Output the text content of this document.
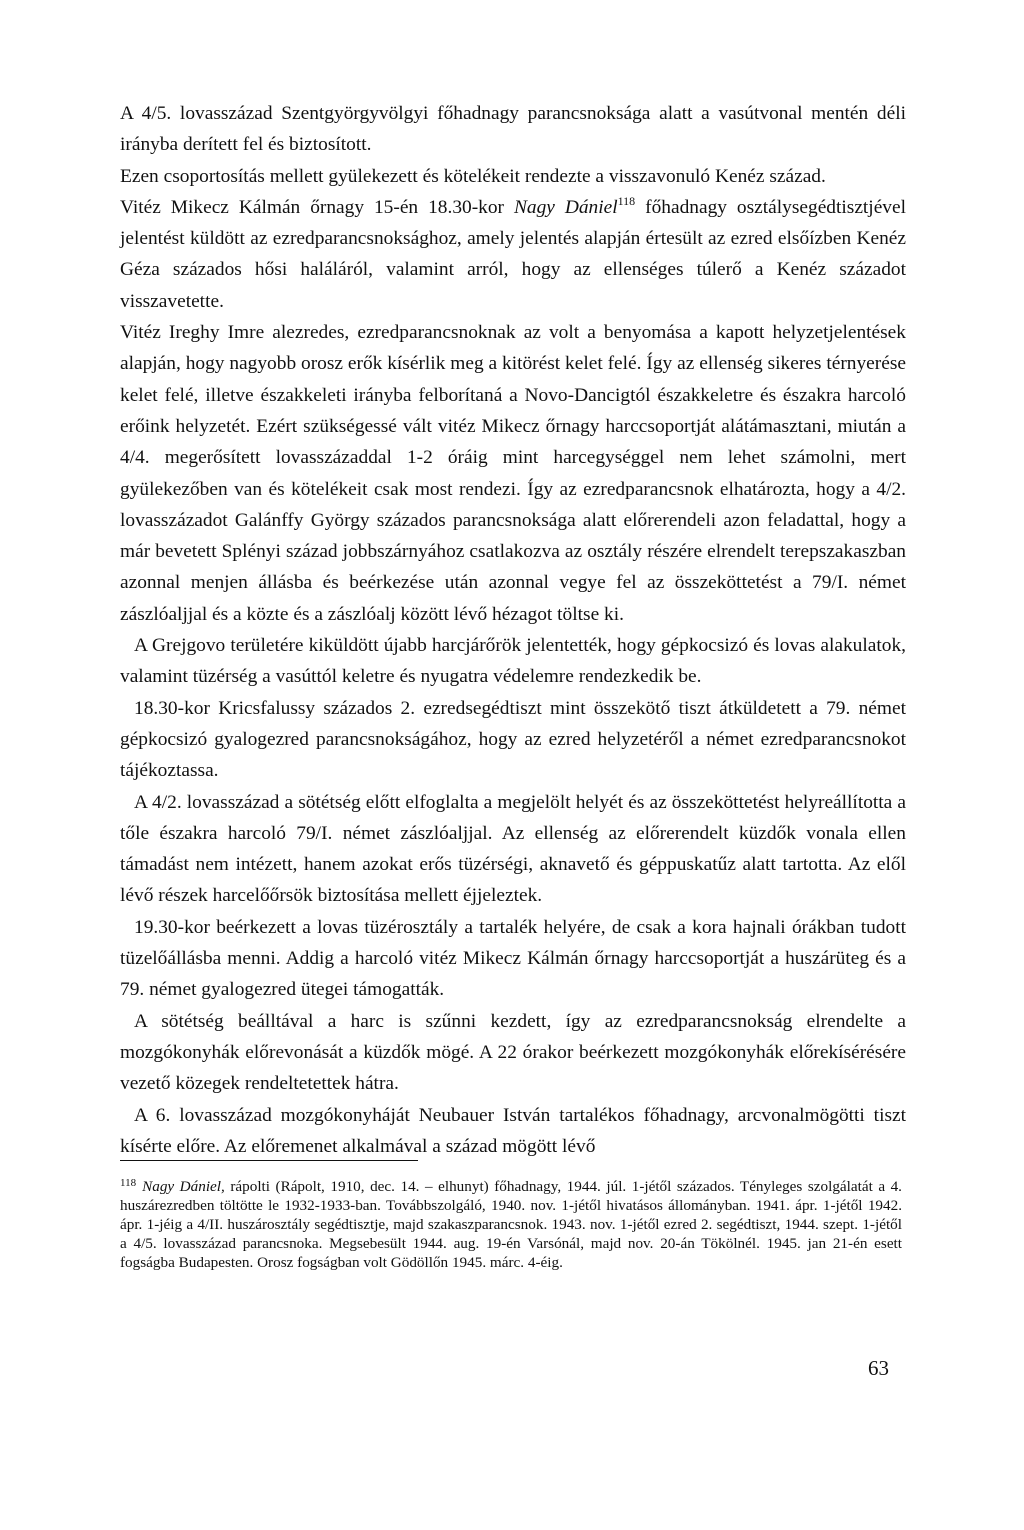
A 4/5. lovasszázad Szentgyörgyvölgyi főhadnagy parancsnoksága alatt a vasútvonal mentén déli irányba derített fel és biztosított.

Ezen csoportosítás mellett gyülekezett és kötelékeit rendezte a visszavonuló Kenéz század.

Vitéz Mikecz Kálmán őrnagy 15-én 18.30-kor Nagy Dániel$^{118}$ főhadnagy osztálysegédtisztjével jelentést küldött az ezredparancsnoksághoz, amely jelentés alapján értesült az ezred elsőízben Kenéz Géza százados hősi haláláról, valamint arról, hogy az ellenséges túlerő a Kenéz századot visszavetette.

Vitéz Ireghy Imre alezredes, ezredparancsnoknak az volt a benyomása a kapott helyzetjelentések alapján, hogy nagyobb orosz erők kísérlik meg a kitörést kelet felé. Így az ellenség sikeres térnyerése kelet felé, illetve északkeleti irányba felborítaná a Novo-Dancigtól északkeletre és északra harcoló erőink helyzetét. Ezért szükségessé vált vitéz Mikecz őrnagy harccsoportját alátámasztani, miután a 4/4. megerősített lovasszázaddal 1-2 óráig mint harcegységgel nem lehet számolni, mert gyülekezőben van és kötelékeit csak most rendezi. Így az ezredparancsnok elhatározta, hogy a 4/2. lovasszázadot Galánffy György százados parancsnoksága alatt előrerendeli azon feladattal, hogy a már bevetett Splényi század jobbszárnyához csatlakozva az osztály részére elrendelt terepszakaszban azonnal menjen állásba és beérkezése után azonnal vegye fel az összeköttetést a 79/I. német zászlóaljjal és a közte és a zászlóalj között lévő hézagot töltse ki.

A Grejgovo területére kiküldött újabb harcjárőrök jelentették, hogy gépkocsizó és lovas alakulatok, valamint tüzérség a vasúttól keletre és nyugatra védelemre rendezkedik be.

18.30-kor Kricsfalussy százados 2. ezredsegédtiszt mint összekötő tiszt átküldetett a 79. német gépkocsizó gyalogezred parancsnokságához, hogy az ezred helyzetéről a német ezredparancsnokot tájékoztassa.

A 4/2. lovasszázad a sötétség előtt elfoglalta a megjelölt helyét és az összeköttetést helyreállította a tőle északra harcoló 79/I. német zászlóaljjal. Az ellenség az előrerendelt küzdők vonala ellen támadást nem intézett, hanem azokat erős tüzérségi, aknavető és géppuskatűz alatt tartotta. Az elől lévő részek harcelőőrsök biztosítása mellett éjjeleztek.

19.30-kor beérkezett a lovas tüzérosztály a tartalék helyére, de csak a kora hajnali órákban tudott tüzelőállásba menni. Addig a harcoló vitéz Mikecz Kálmán őrnagy harccsoportját a huszárüteg és a 79. német gyalogezred ütegei támogatták.

A sötétség beálltával a harc is szűnni kezdett, így az ezredparancsnokság elrendelte a mozgókonyhák előrevonását a küzdők mögé. A 22 órakor beérkezett mozgókonyhák előrekísérésére vezető közegek rendeltetettek hátra.

A 6. lovasszázad mozgókonyháját Neubauer István tartalékos főhadnagy, arcvonalmögötti tiszt kísérte előre. Az előremenet alkalmával a század mögött lévő

$^{118}$ Nagy Dániel, rápolti (Rápolt, 1910, dec. 14. – elhunyt) főhadnagy, 1944. júl. 1-jétől százados. Tényleges szolgálatát a 4. huszárezredben töltötte le 1932-1933-ban. Továbbszolgáló, 1940. nov. 1-jétől hivatásos állományban. 1941. ápr. 1-jétől 1942. ápr. 1-jéig a 4/II. huszárosztály segédtisztje, majd szakaszparancsnok. 1943. nov. 1-jétől ezred 2. segédtiszt, 1944. szept. 1-jétől a 4/5. lovasszázad parancsnoka. Megsebesült 1944. aug. 19-én Varsónál, majd nov. 20-án Tökölnél. 1945. jan 21-én esett fogságba Budapesten. Orosz fogságban volt Gödöllőn 1945. márc. 4-éig.
63
